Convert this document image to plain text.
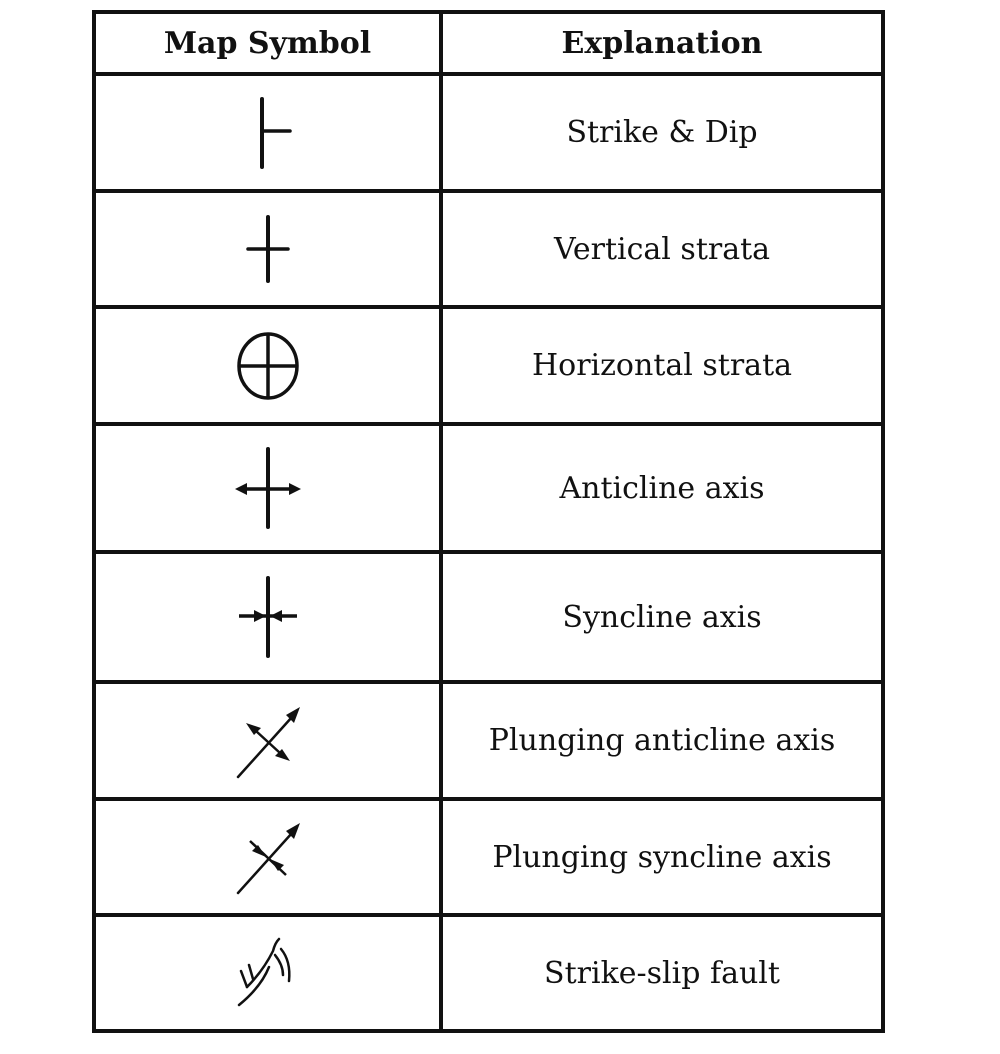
Map Symbol	Explanation

	Strike & Dip

	Vertical strata

	Horizontal strata

	Anticline axis

	Syncline axis

	Plunging anticline axis

	Plunging syncline axis

	Strike-slip fault
